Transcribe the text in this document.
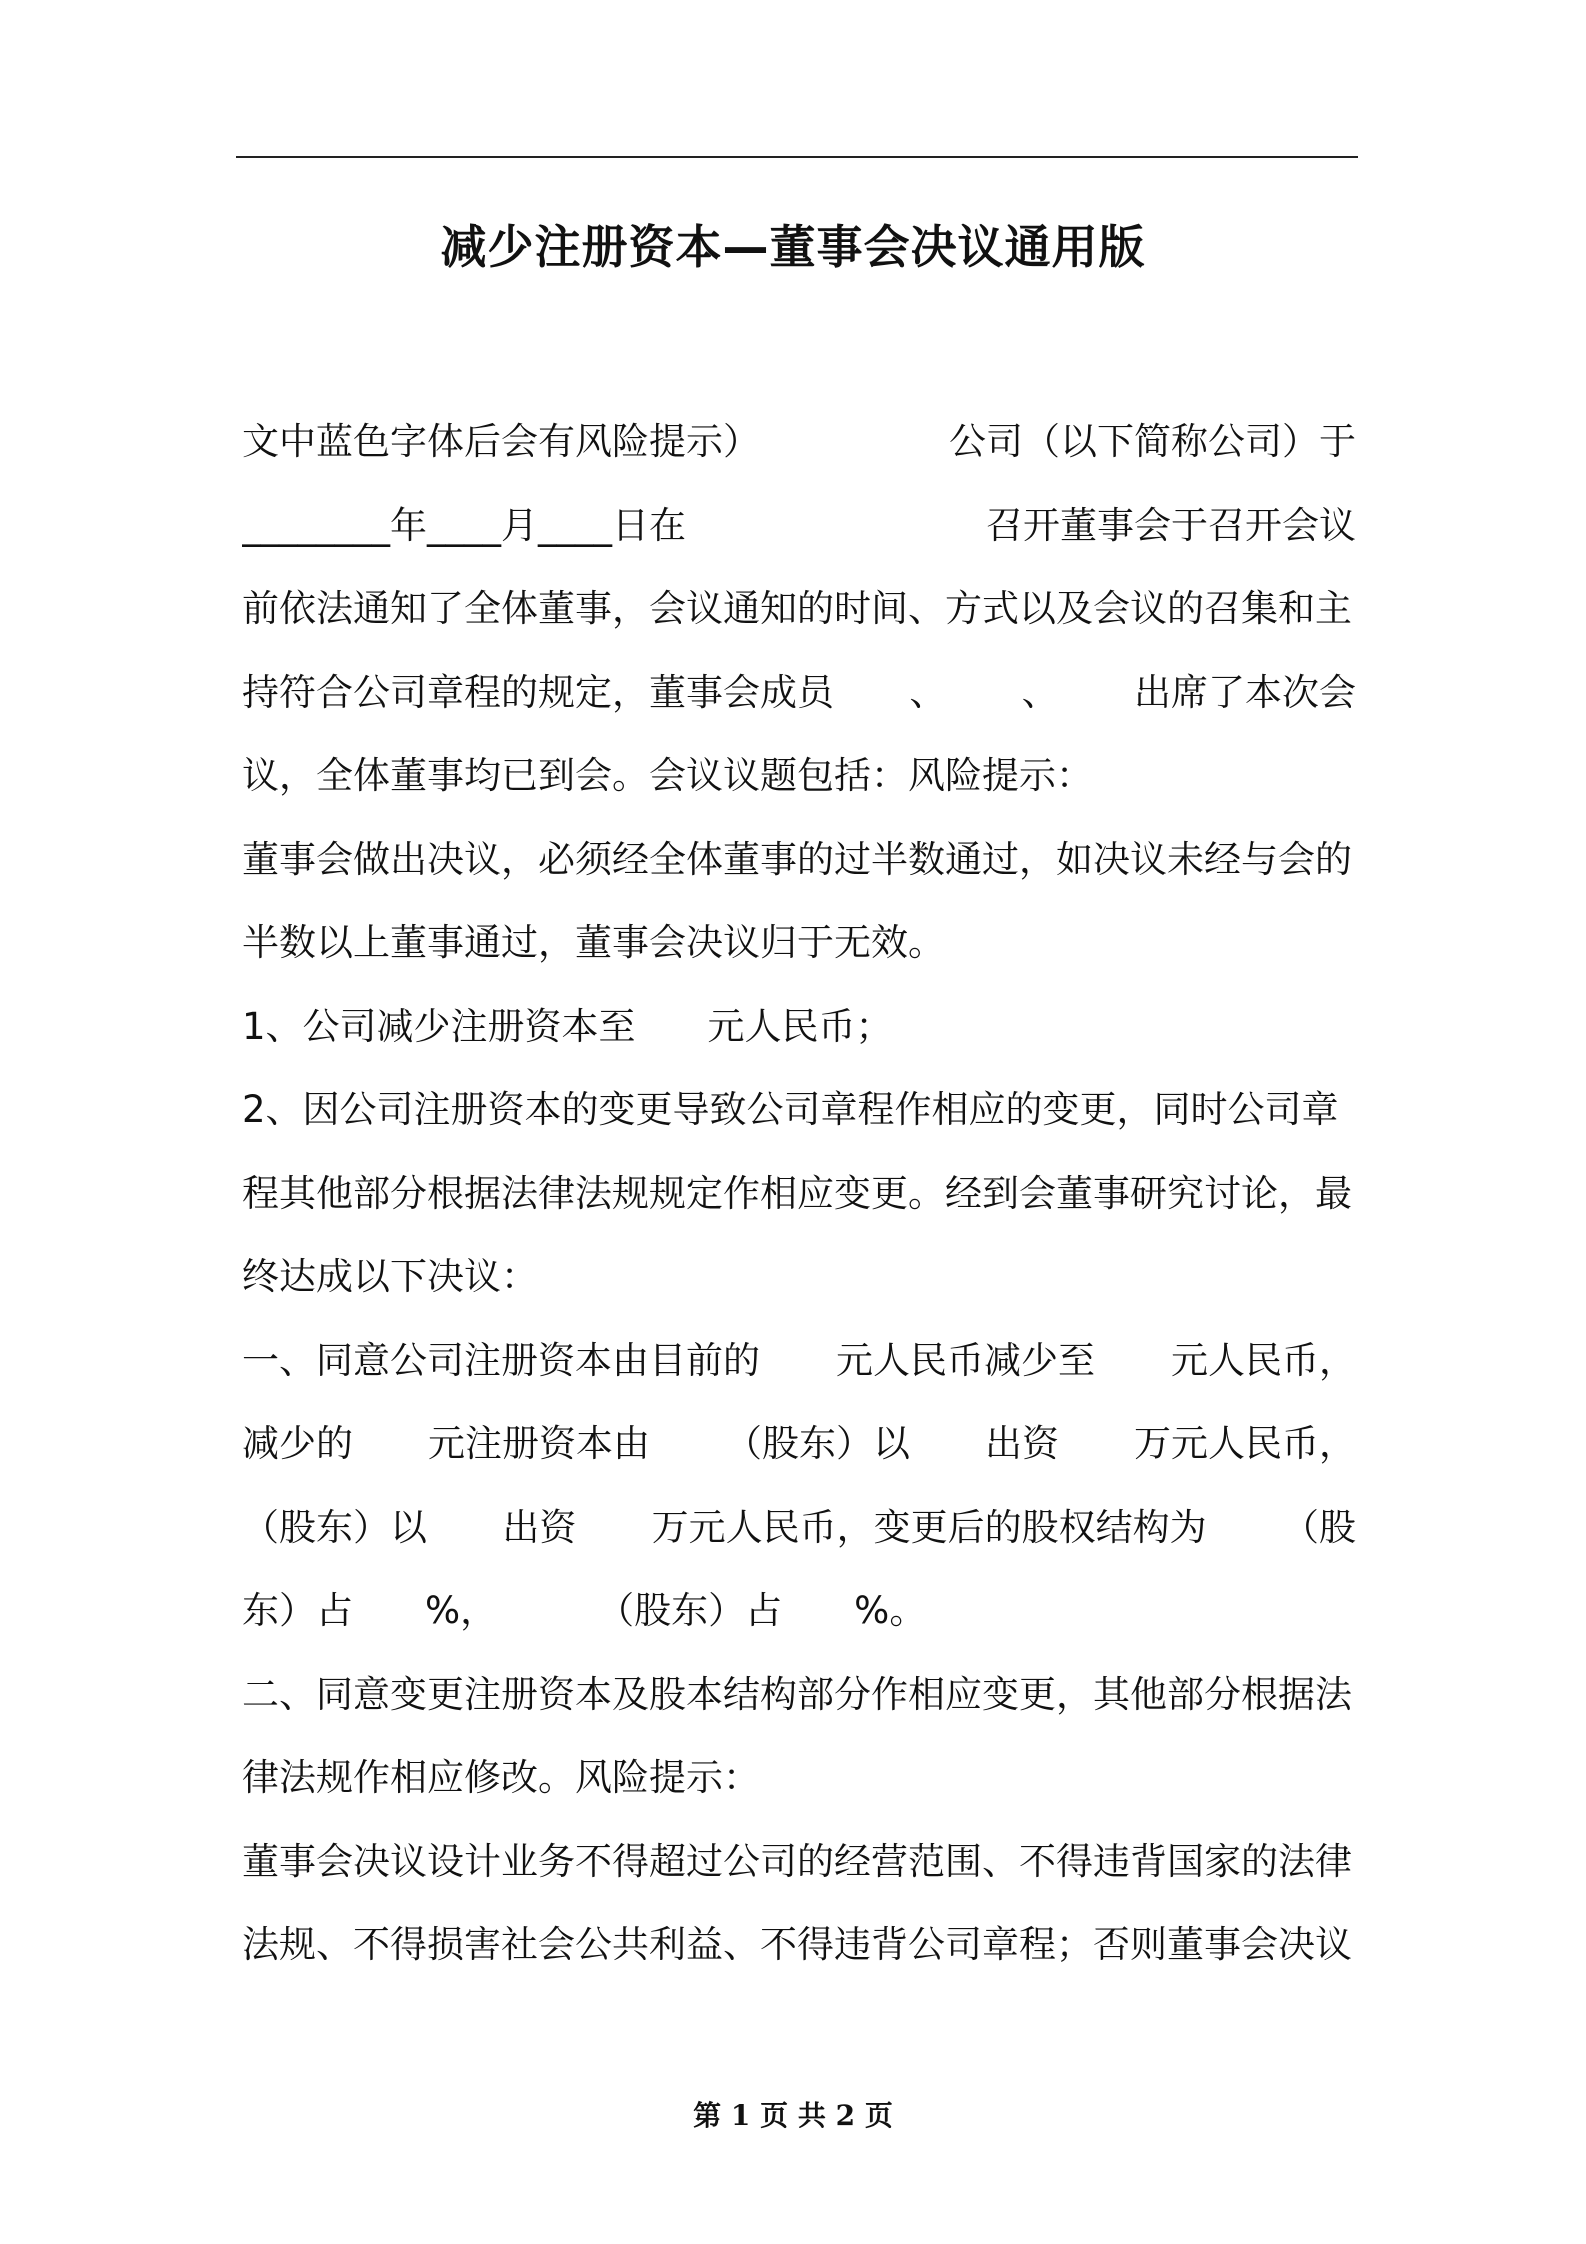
减少注册资本—董事会决议通用版
文中蓝色字体后会有风险提示）	公司（以下简称公司）于
________年____月____日在	召开董事会于召开会议
前依法通知了全体董事，会议通知的时间、方式以及会议的召集和主
持符合公司章程的规定，董事会成员 、 、 出席了本次会
议，全体董事均已到会。会议议题包括：风险提示：
董事会做出决议，必须经全体董事的过半数通过，如决议未经与会的
半数以上董事通过，董事会决议归于无效。
1、公司减少注册资本至 元人民币；
2、因公司注册资本的变更导致公司章程作相应的变更，同时公司章
程其他部分根据法律法规规定作相应变更。经到会董事研究讨论，最
终达成以下决议：
一、同意公司注册资本由目前的 元人民币减少至 元人民币，
减少的 元注册资本由 （股东）以 出资 万元人民币，
（股东）以 出资 万元人民币，变更后的股权结构为 （股
东）占 %，	（股东）占 %。
二、同意变更注册资本及股本结构部分作相应变更，其他部分根据法
律法规作相应修改。风险提示：
董事会决议设计业务不得超过公司的经营范围、不得违背国家的法律
法规、不得损害社会公共利益、不得违背公司章程；否则董事会决议
第 1 页 共 2 页
